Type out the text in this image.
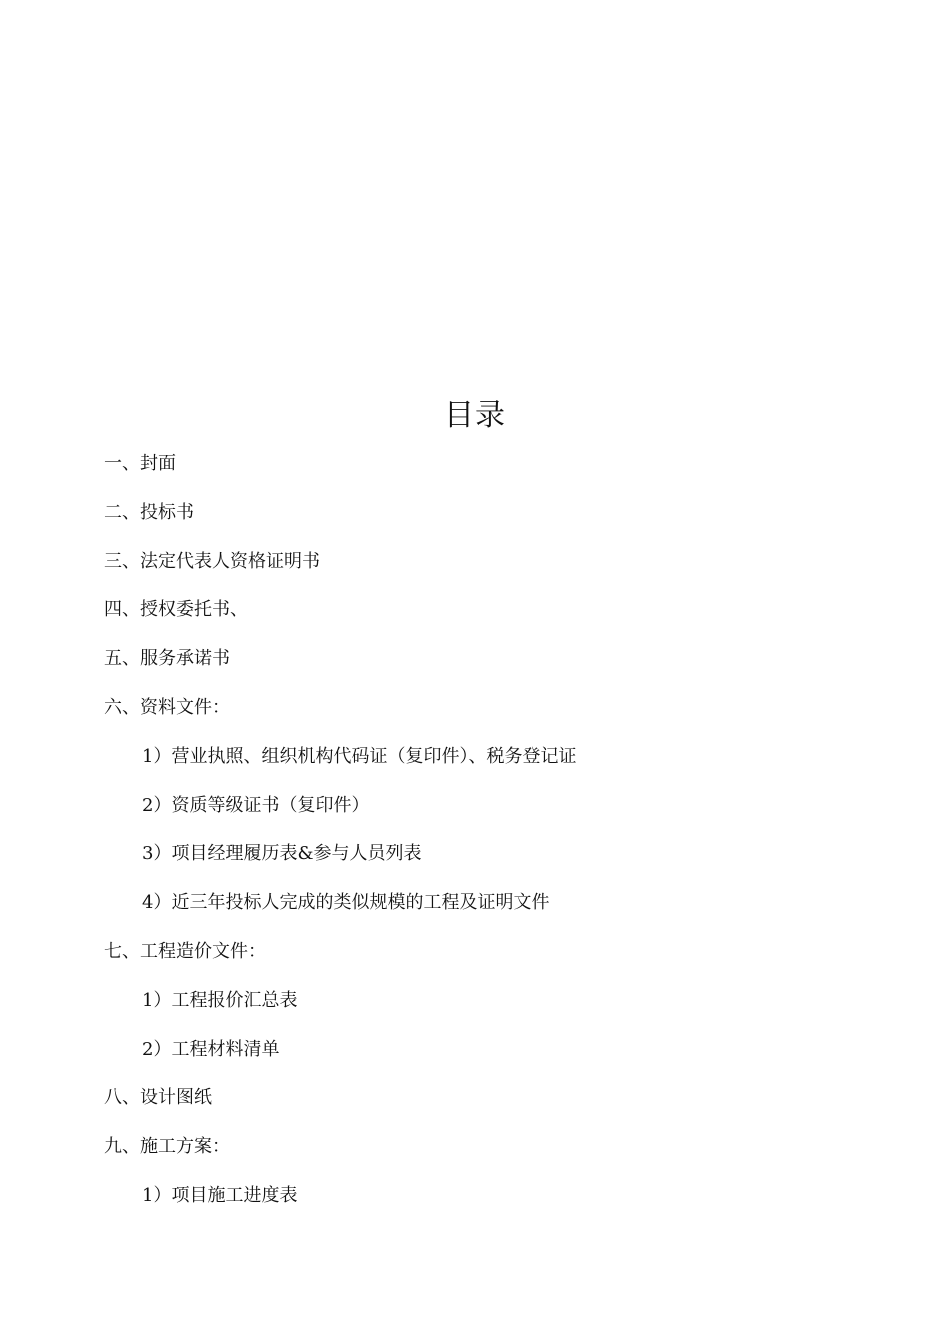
目录
一、封面
二、投标书
三、法定代表人资格证明书
四、授权委托书、
五、服务承诺书
六、资料文件：
1）营业执照、组织机构代码证（复印件）、税务登记证
2）资质等级证书（复印件）
3）项目经理履历表&参与人员列表
4）近三年投标人完成的类似规模的工程及证明文件
七、工程造价文件：
1）工程报价汇总表
2）工程材料清单
八、设计图纸
九、施工方案：
1）项目施工进度表
